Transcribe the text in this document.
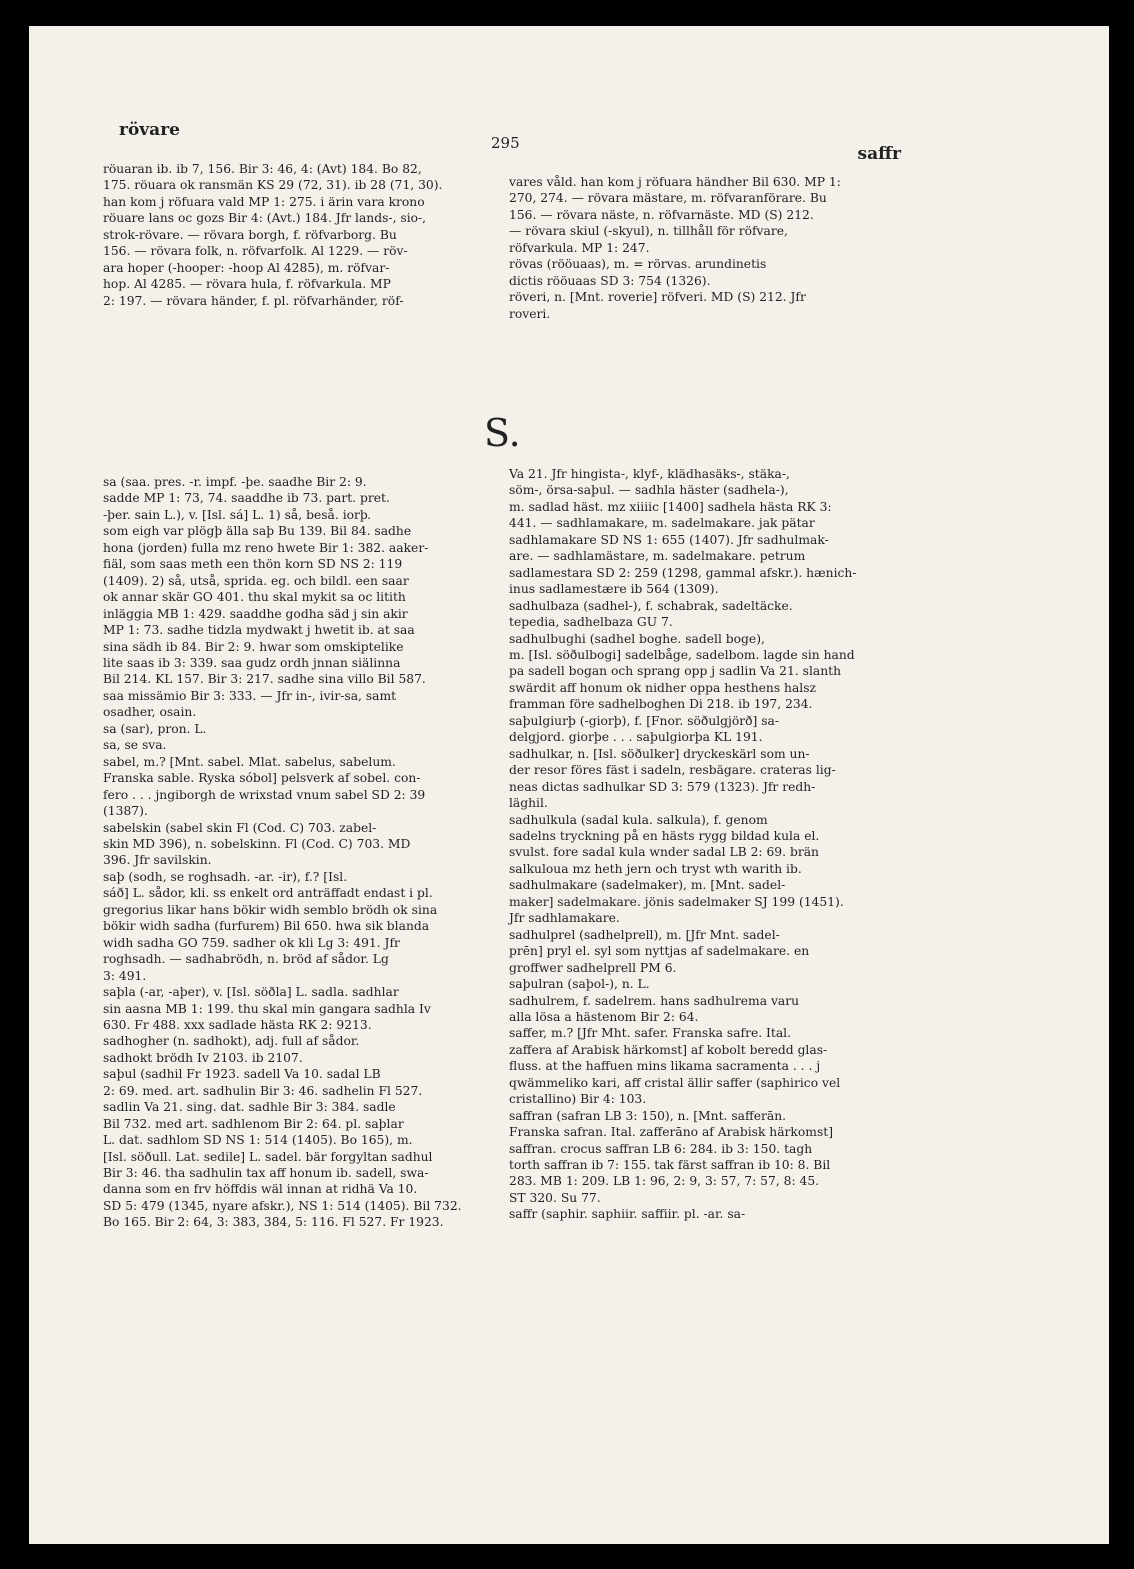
rövare
295
saffr

röuaran ib. ib 7, 156. Bir 3: 46, 4: (Avt) 184. Bo 82,

175. röuara ok ransmän KS 29 (72, 31). ib 28 (71, 30).

han kom j röfuara vald MP 1: 275. i ärin vara krono

röuare lans oc gozs Bir 4: (Avt.) 184. Jfr lands-, sio-,

strok-rövare. — rövara borgh, f. röfvarborg. Bu

156. — rövara folk, n. röfvarfolk. Al 1229. — röv-

ara hoper (-hooper: -hoop Al 4285), m. röfvar-

hop. Al 4285. — rövara hula, f. röfvarkula. MP

2: 197. — rövara händer, f. pl. röfvarhänder, röf-

vares våld. han kom j röfuara händher Bil 630. MP 1:

270, 274. — rövara mästare, m. röfvaranförare. Bu

156. — rövara näste, n. röfvarnäste. MD (S) 212.

— rövara skiul (-skyul), n. tillhåll för röfvare,

röfvarkula. MP 1: 247.

rövas (rööuaas), m. = rörvas. arundinetis

dictis rööuaas SD 3: 754 (1326).

röveri, n. [Mnt. roverie] röfveri. MD (S) 212. Jfr

roveri.

S.

sa (saa. pres. -r. impf. -þe. saadhe Bir 2: 9.

sadde MP 1: 73, 74. saaddhe ib 73. part. pret.

-þer. sain L.), v. [Isl. sá] L. 1) så, beså. iorþ.

som eigh var plögþ älla saþ Bu 139. Bil 84. sadhe

hona (jorden) fulla mz reno hwete Bir 1: 382. aaker-

fiäl, som saas meth een thön korn SD NS 2: 119

(1409). 2) så, utså, sprida. eg. och bildl. een saar

ok annar skär GO 401. thu skal mykit sa oc litith

inläggia MB 1: 429. saaddhe godha säd j sin akir

MP 1: 73. sadhe tidzla mydwakt j hwetit ib. at saa

sina sädh ib 84. Bir 2: 9. hwar som omskiptelike

lite saas ib 3: 339. saa gudz ordh jnnan siälinna

Bil 214. KL 157. Bir 3: 217. sadhe sina villo Bil 587.

saa missämio Bir 3: 333. — Jfr in-, ivir-sa, samt

osadher, osain.

sa (sar), pron. L.

sa, se sva.

sabel, m.? [Mnt. sabel. Mlat. sabelus, sabelum.

Franska sable. Ryska sóbol] pelsverk af sobel. con-

fero . . . jngiborgh de wrixstad vnum sabel SD 2: 39

(1387).

sabelskin (sabel skin Fl (Cod. C) 703. zabel-

skin MD 396), n. sobelskinn. Fl (Cod. C) 703. MD

396. Jfr savilskin.

saþ (sodh, se roghsadh. -ar. -ir), f.? [Isl.

sáð] L. sådor, kli. ss enkelt ord anträffadt endast i pl.

gregorius likar hans bökir widh semblo brödh ok sina

bökir widh sadha (furfurem) Bil 650. hwa sik blanda

widh sadha GO 759. sadher ok kli Lg 3: 491. Jfr

roghsadh. — sadhabrödh, n. bröd af sådor. Lg

3: 491.

saþla (-ar, -aþer), v. [Isl. söðla] L. sadla. sadhlar

sin aasna MB 1: 199. thu skal min gangara sadhla Iv

630. Fr 488. xxx sadlade hästa RK 2: 9213.

sadhogher (n. sadhokt), adj. full af sådor.

sadhokt brödh Iv 2103. ib 2107.

saþul (sadhil Fr 1923. sadell Va 10. sadal LB

2: 69. med. art. sadhulin Bir 3: 46. sadhelin Fl 527.

sadlin Va 21. sing. dat. sadhle Bir 3: 384. sadle

Bil 732. med art. sadhlenom Bir 2: 64. pl. saþlar

L. dat. sadhlom SD NS 1: 514 (1405). Bo 165), m.

[Isl. söðull. Lat. sedile] L. sadel. bär forgyltan sadhul

Bir 3: 46. tha sadhulin tax aff honum ib. sadell, swa-

danna som en frv höffdis wäl innan at ridhä Va 10.

SD 5: 479 (1345, nyare afskr.), NS 1: 514 (1405). Bil 732.

Bo 165. Bir 2: 64, 3: 383, 384, 5: 116. Fl 527. Fr 1923.

Va 21. Jfr hingista-, klyf-, klädhasäks-, stäka-,

söm-, örsa-saþul. — sadhla häster (sadhela-),

m. sadlad häst. mz xiiiic [1400] sadhela hästa RK 3:

441. — sadhlamakare, m. sadelmakare. jak pätar

sadhlamakare SD NS 1: 655 (1407). Jfr sadhulmak-

are. — sadhlamästare, m. sadelmakare. petrum

sadlamestara SD 2: 259 (1298, gammal afskr.). hænich-

inus sadlamestære ib 564 (1309).

sadhulbaza (sadhel-), f. schabrak, sadeltäcke.

tepedia, sadhelbaza GU 7.

sadhulbughi (sadhel boghe. sadell boge),

m. [Isl. söðulbogi] sadelbåge, sadelbom. lagde sin hand

pa sadell bogan och sprang opp j sadlin Va 21. slanth

swärdit aff honum ok nidher oppa hesthens halsz

framman före sadhelboghen Di 218. ib 197, 234.

saþulgiurþ (-giorþ), f. [Fnor. söðulgjörð] sa-

delgjord. giorþe . . . saþulgiorþa KL 191.

sadhulkar, n. [Isl. söðulker] dryckeskärl som un-

der resor föres fäst i sadeln, resbägare. crateras lig-

neas dictas sadhulkar SD 3: 579 (1323). Jfr redh-

läghil.

sadhulkula (sadal kula. salkula), f. genom

sadelns tryckning på en hästs rygg bildad kula el.

svulst. fore sadal kula wnder sadal LB 2: 69. brän

salkuloua mz heth jern och tryst wth warith ib.

sadhulmakare (sadelmaker), m. [Mnt. sadel-

maker] sadelmakare. jönis sadelmaker SJ 199 (1451).

Jfr sadhlamakare.

sadhulprel (sadhelprell), m. [Jfr Mnt. sadel-

prēn] pryl el. syl som nyttjas af sadelmakare. en

groffwer sadhelprell PM 6.

saþulran (saþol-), n. L.

sadhulrem, f. sadelrem. hans sadhulrema varu

alla lösa a hästenom Bir 2: 64.

saffer, m.? [Jfr Mht. safer. Franska safre. Ital.

zaffera af Arabisk härkomst] af kobolt beredd glas-

fluss. at the haffuen mins likama sacramenta . . . j

qwämmeliko kari, aff cristal ällir saffer (saphirico vel

cristallino) Bir 4: 103.

saffran (safran LB 3: 150), n. [Mnt. safferān.

Franska safran. Ital. zafferāno af Arabisk härkomst]

saffran. crocus saffran LB 6: 284. ib 3: 150. tagh

torth saffran ib 7: 155. tak färst saffran ib 10: 8. Bil

283. MB 1: 209. LB 1: 96, 2: 9, 3: 57, 7: 57, 8: 45.

ST 320. Su 77.

saffr (saphir. saphiir. saffiir. pl. -ar. sa-
